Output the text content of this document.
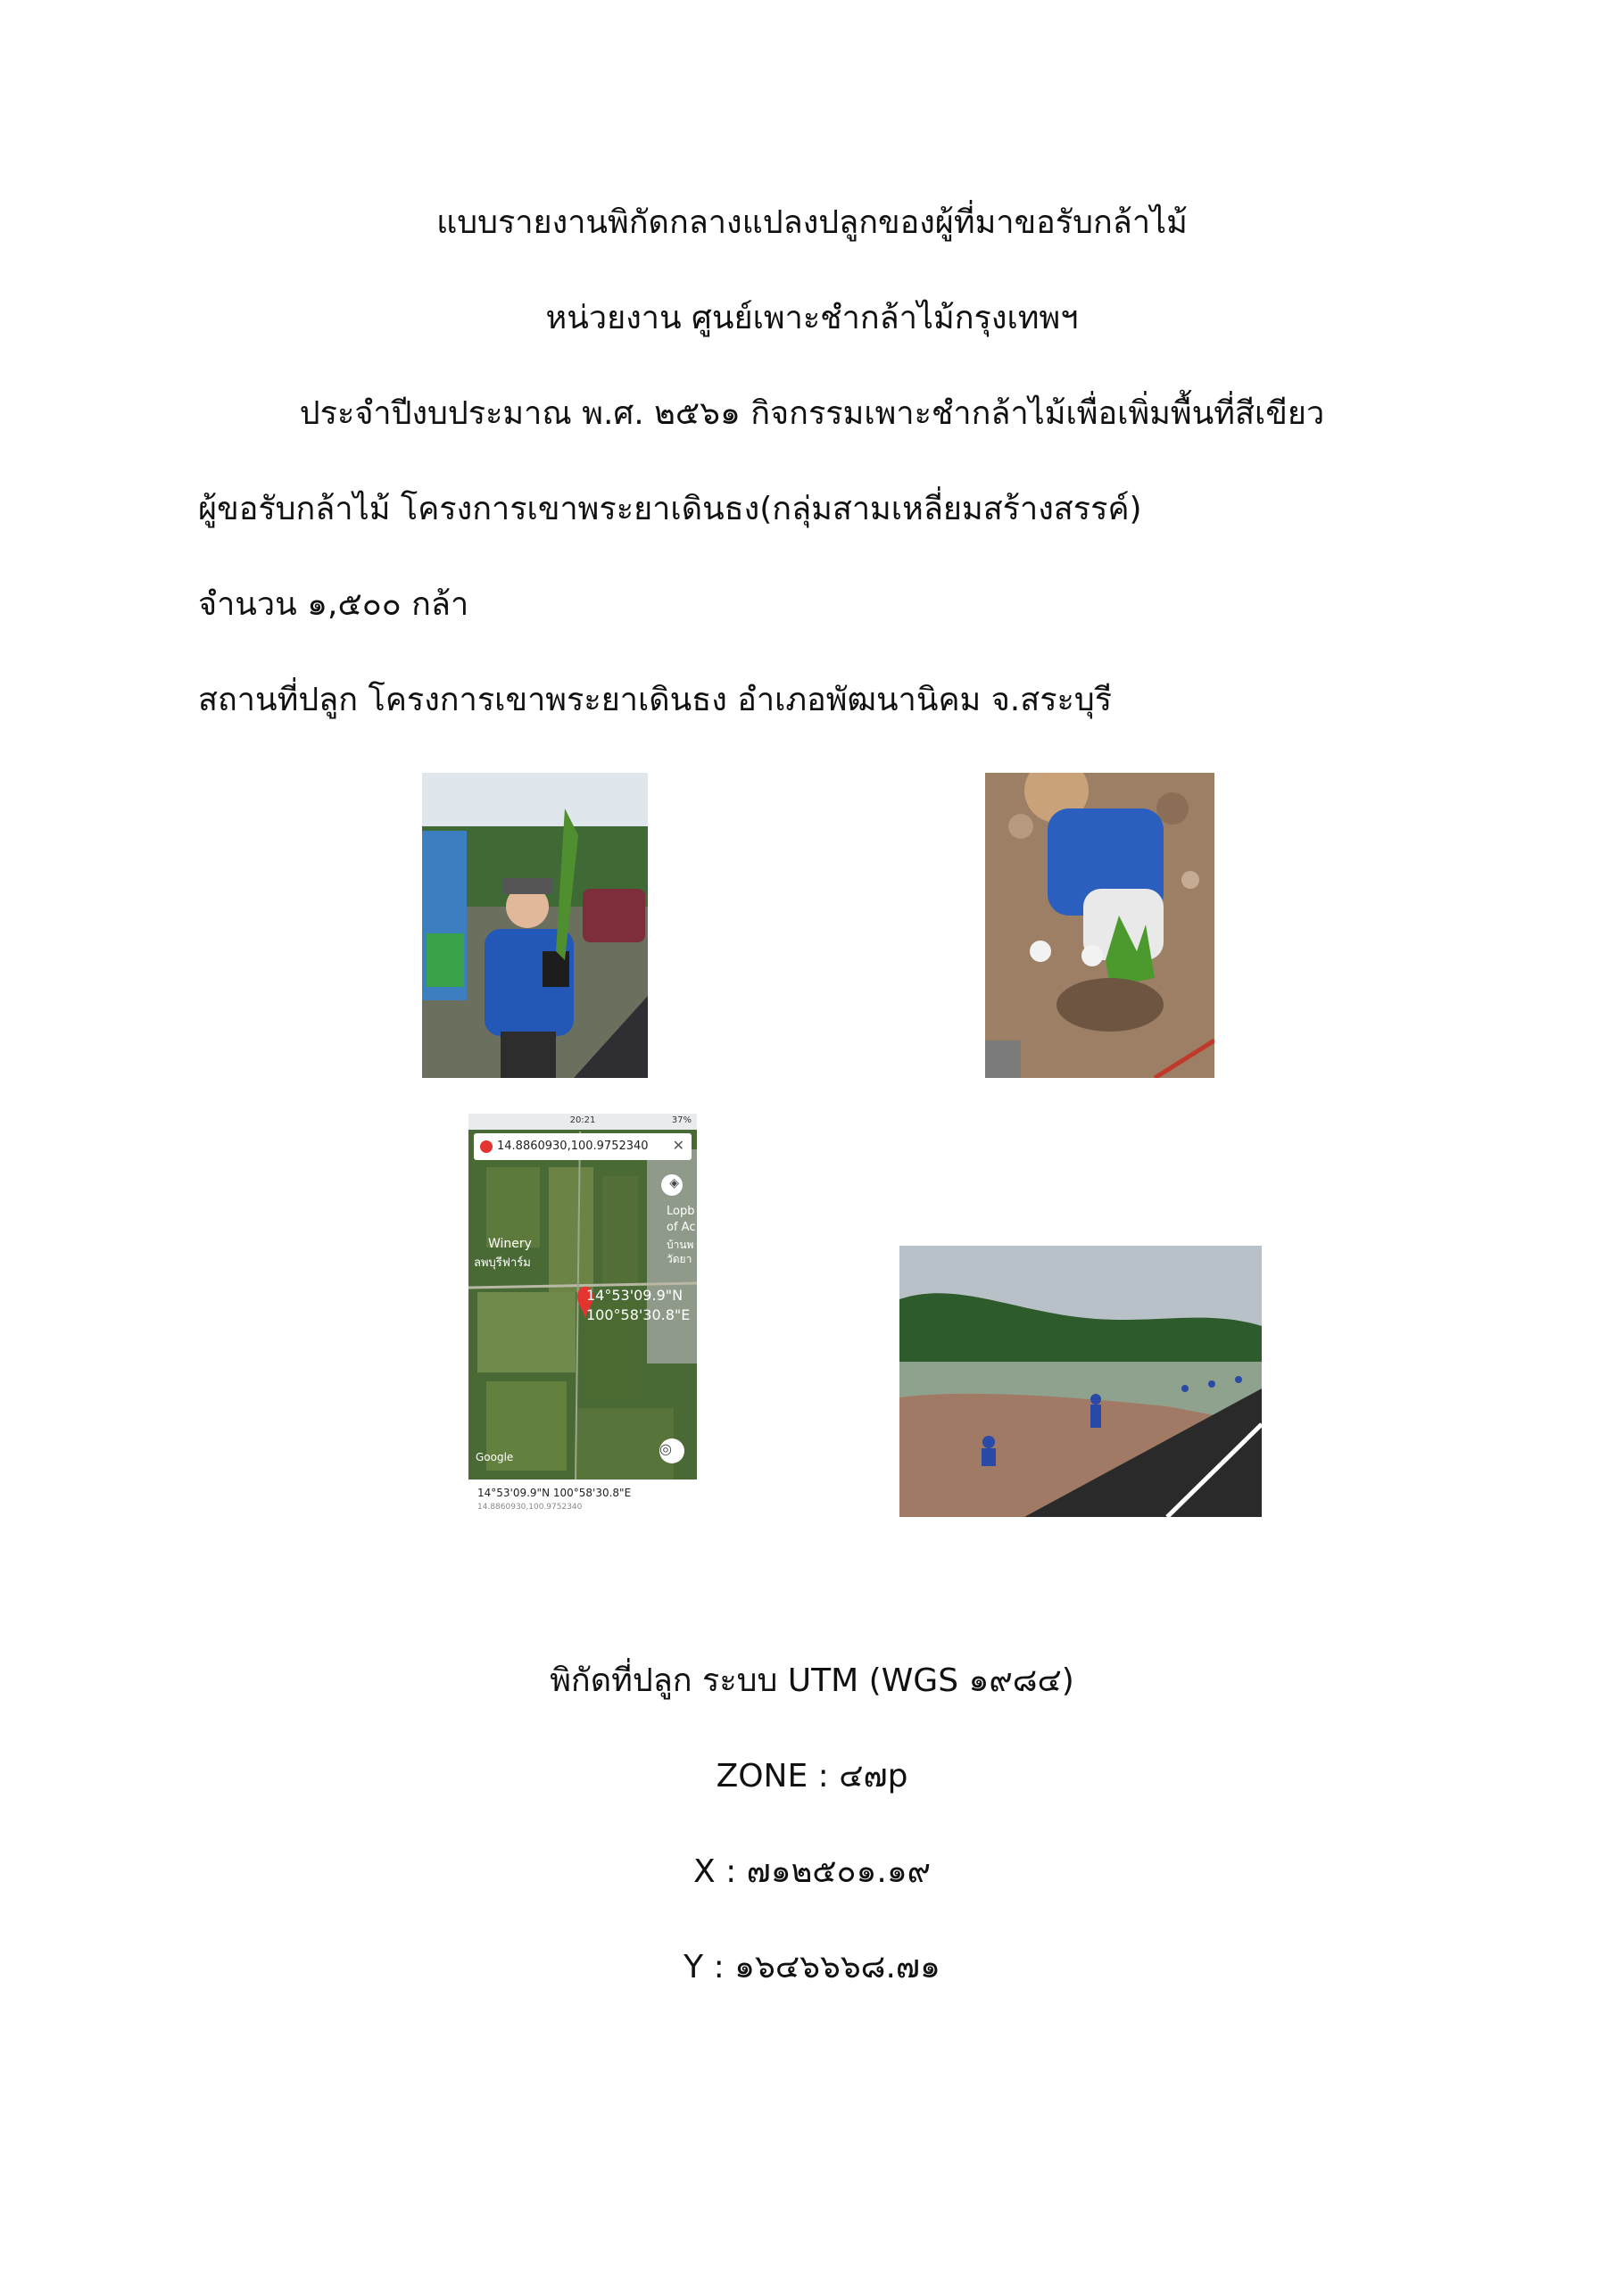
แบบรายงานพิกัดกลางแปลงปลูกของผู้ที่มาขอรับกล้าไม้
หน่วยงาน ศูนย์เพาะชำกล้าไม้กรุงเทพฯ
ประจำปีงบประมาณ พ.ศ. ๒๕๖๑ กิจกรรมเพาะชำกล้าไม้เพื่อเพิ่มพื้นที่สีเขียว
ผู้ขอรับกล้าไม้ โครงการเขาพระยาเดินธง(กลุ่มสามเหลี่ยมสร้างสรรค์)
จำนวน ๑,๕๐๐ กล้า
สถานที่ปลูก โครงการเขาพระยาเดินธง อำเภอพัฒนานิคม จ.สระบุรี
20:21	37%
14.8860930,100.9752340 ✕
◈
Winery
ลพบุรีฟาร์ม
Lopb
of Ac
บ้านพ
วัดยา
14°53'09.9"N
100°58'30.8"E
Google	◎
14°53'09.9"N 100°58'30.8"E
14.8860930,100.9752340
พิกัดที่ปลูก ระบบ UTM (WGS ๑๙๘๔)
ZONE : ๔๗p
X : ๗๑๒๕๐๑.๑๙
Y : ๑๖๔๖๖๖๘.๗๑
